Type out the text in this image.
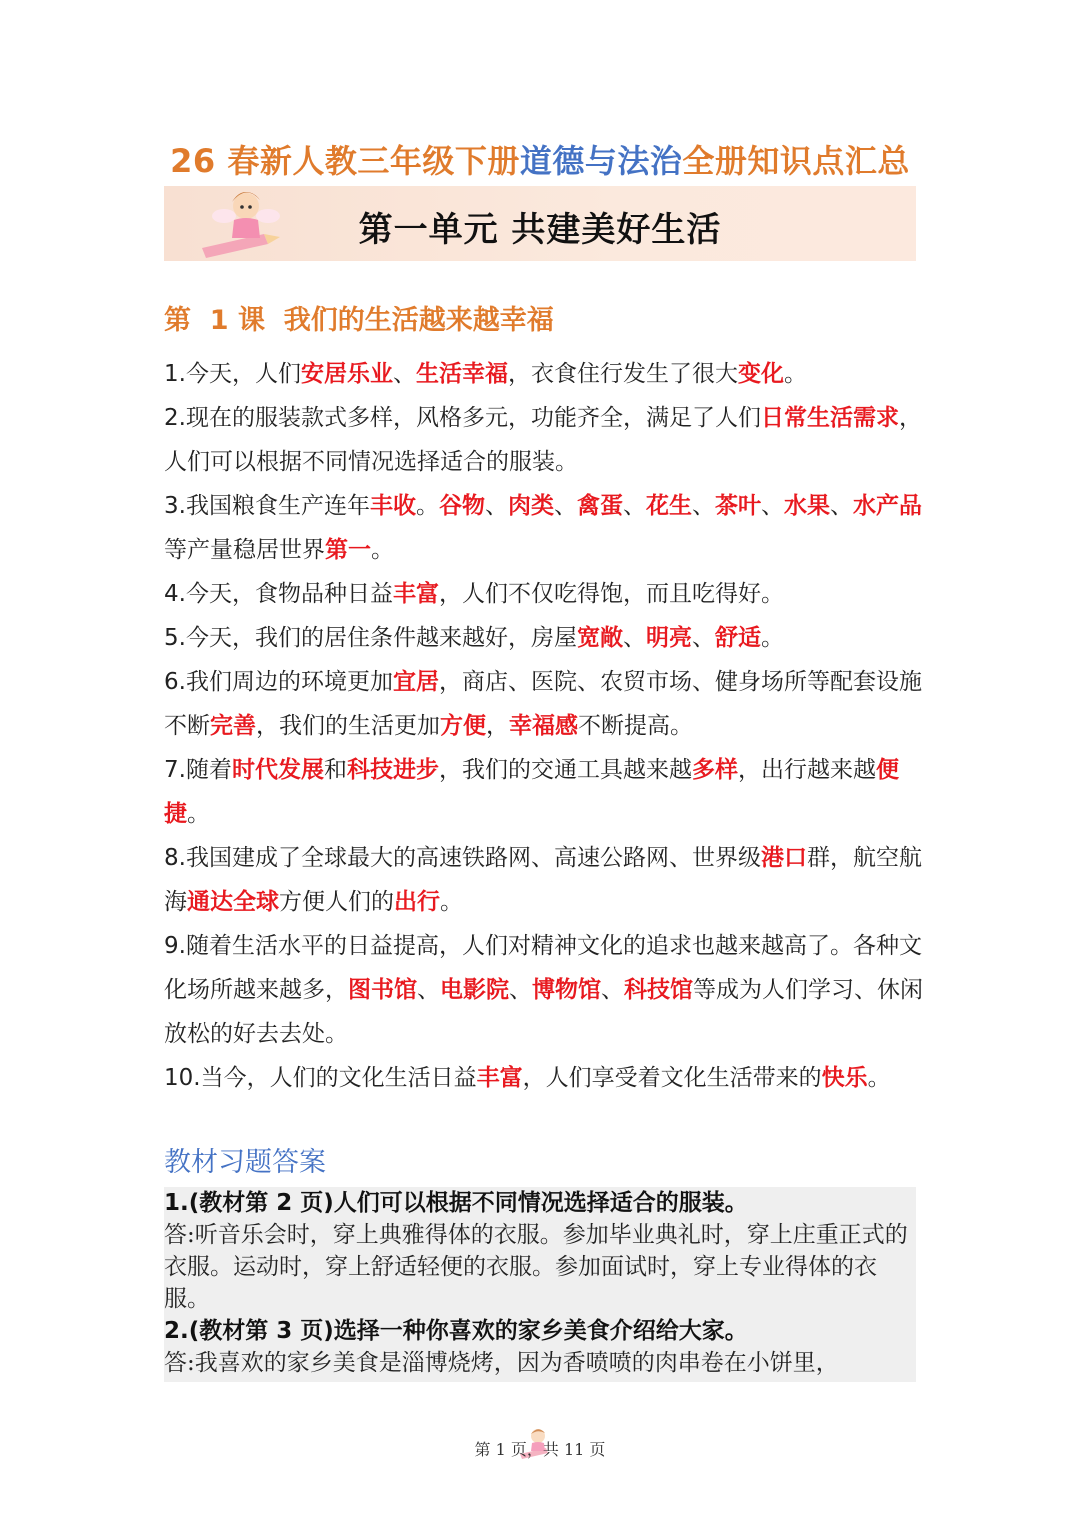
26 春新人教三年级下册道德与法治全册知识点汇总
第一单元 共建美好生活
第  1 课  我们的生活越来越幸福

1.今天，人们安居乐业、生活幸福，衣食住行发生了很大变化。

2.现在的服装款式多样，风格多元，功能齐全，满足了人们日常生活需求，人们可以根据不同情况选择适合的服装。

3.我国粮食生产连年丰收。谷物、肉类、禽蛋、花生、茶叶、水果、水产品等产量稳居世界第一。

4.今天，食物品种日益丰富，人们不仅吃得饱，而且吃得好。

5.今天，我们的居住条件越来越好，房屋宽敞、明亮、舒适。

6.我们周边的环境更加宜居，商店、医院、农贸市场、健身场所等配套设施不断完善，我们的生活更加方便，幸福感不断提高。

7.随着时代发展和科技进步，我们的交通工具越来越多样，出行越来越便捷。

8.我国建成了全球最大的高速铁路网、高速公路网、世界级港口群，航空航海通达全球方便人们的出行。

9.随着生活水平的日益提高，人们对精神文化的追求也越来越高了。各种文化场所越来越多，图书馆、电影院、博物馆、科技馆等成为人们学习、休闲放松的好去去处。

10.当今，人们的文化生活日益丰富，人们享受着文化生活带来的快乐。

教材习题答案

1.(教材第 2 页)人们可以根据不同情况选择适合的服装。

答:听音乐会时，穿上典雅得体的衣服。参加毕业典礼时，穿上庄重正式的衣服。运动时，穿上舒适轻便的衣服。参加面试时，穿上专业得体的衣服。

2.(教材第 3 页)选择一种你喜欢的家乡美食介绍给大家。

答:我喜欢的家乡美食是淄博烧烤，因为香喷喷的肉串卷在小饼里，

第 1 页，共 11 页
